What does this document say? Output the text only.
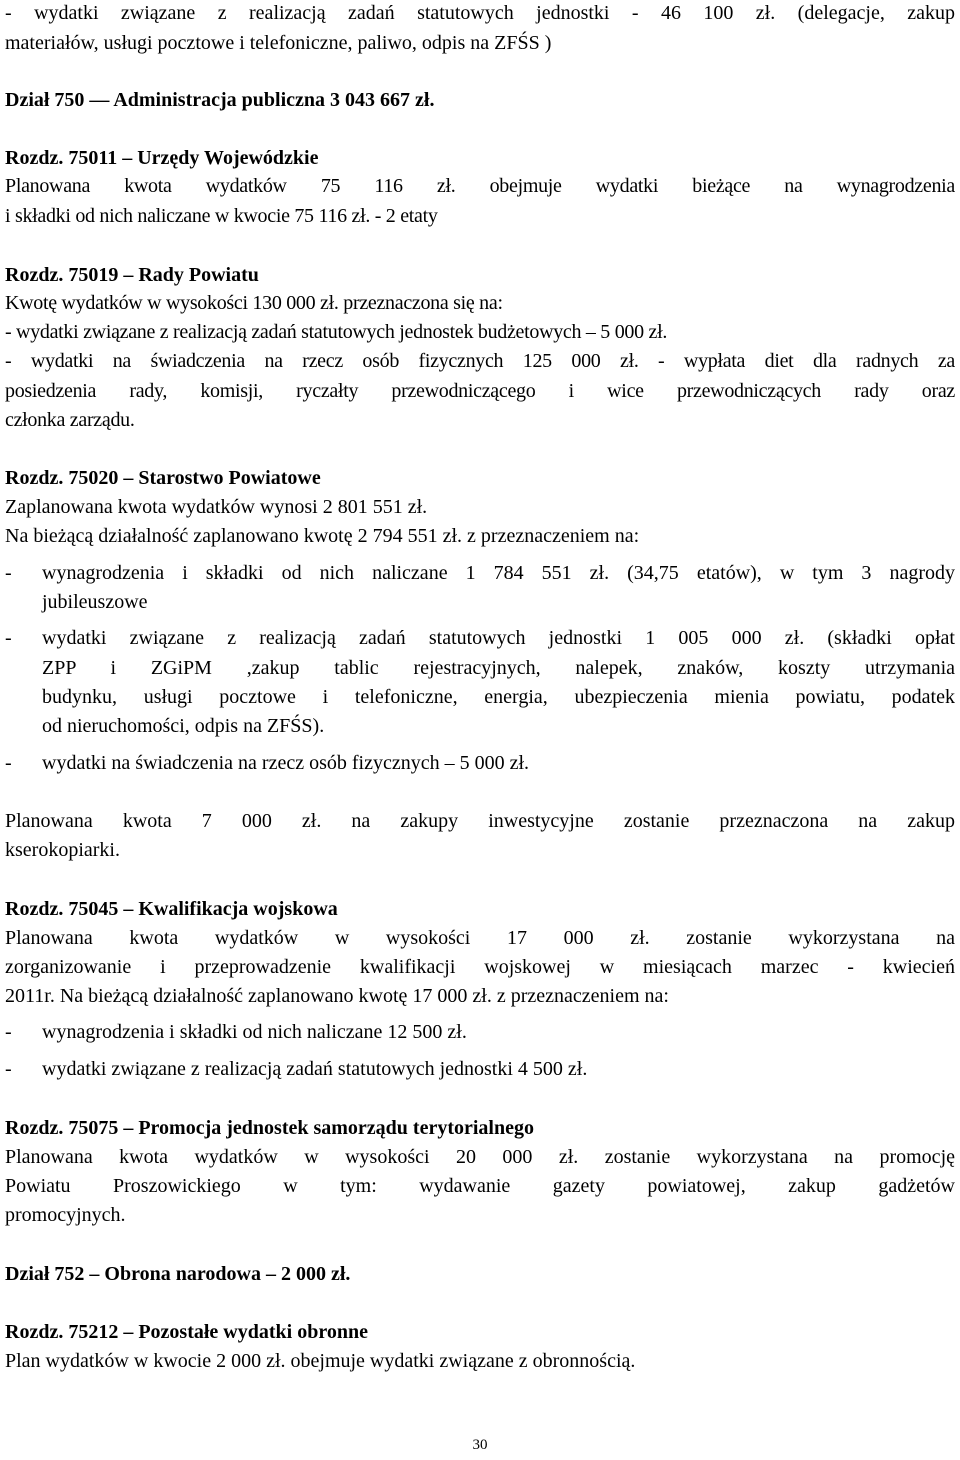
- wydatki związane z realizacją zadań statutowych jednostki - 46 100 zł. (delegacje, zakup
materiałów, usługi pocztowe i telefoniczne, paliwo, odpis na ZFŚS )
Dział 750 — Administracja publiczna 3 043 667 zł.
Rozdz. 75011 – Urzędy Wojewódzkie
Planowana kwota wydatków 75 116 zł. obejmuje wydatki bieżące na wynagrodzenia
i składki od nich naliczane w kwocie 75 116 zł. - 2 etaty
Rozdz. 75019 – Rady Powiatu
Kwotę wydatków w wysokości 130 000 zł. przeznaczona się na:
- wydatki związane z realizacją zadań statutowych jednostek budżetowych – 5 000 zł.
- wydatki na świadczenia na rzecz osób fizycznych 125 000 zł. - wypłata diet dla radnych za
posiedzenia rady, komisji, ryczałty przewodniczącego i wice przewodniczących rady oraz
członka zarządu.
Rozdz. 75020 – Starostwo Powiatowe
Zaplanowana kwota wydatków wynosi 2 801 551 zł.
Na bieżącą działalność zaplanowano kwotę 2 794 551 zł. z przeznaczeniem na:
- wynagrodzenia i składki od nich naliczane 1 784 551 zł. (34,75 etatów), w tym 3 nagrody
jubileuszowe
- wydatki związane z realizacją zadań statutowych jednostki 1 005 000 zł. (składki opłat
ZPP i ZGiPM ,zakup tablic rejestracyjnych, nalepek, znaków, koszty utrzymania
budynku, usługi pocztowe i telefoniczne, energia, ubezpieczenia mienia powiatu, podatek
od nieruchomości, odpis na ZFŚS).
- wydatki na świadczenia na rzecz osób fizycznych – 5 000 zł.
Planowana kwota 7 000 zł. na zakupy inwestycyjne zostanie przeznaczona na zakup
kserokopiarki.
Rozdz. 75045 – Kwalifikacja wojskowa
Planowana kwota wydatków w wysokości 17 000 zł. zostanie wykorzystana na
zorganizowanie i przeprowadzenie kwalifikacji wojskowej w miesiącach marzec - kwiecień
2011r. Na bieżącą działalność zaplanowano kwotę 17 000 zł. z przeznaczeniem na:
- wynagrodzenia i składki od nich naliczane 12 500 zł.
- wydatki związane z realizacją zadań statutowych jednostki 4 500 zł.
Rozdz. 75075 – Promocja jednostek samorządu terytorialnego
Planowana kwota wydatków w wysokości 20 000 zł. zostanie wykorzystana na promocję
Powiatu Proszowickiego w tym: wydawanie gazety powiatowej, zakup gadżetów
promocyjnych.
Dział 752 – Obrona narodowa – 2 000 zł.
Rozdz. 75212 – Pozostałe wydatki obronne
Plan wydatków w kwocie 2 000 zł. obejmuje wydatki związane z obronnością.
30
